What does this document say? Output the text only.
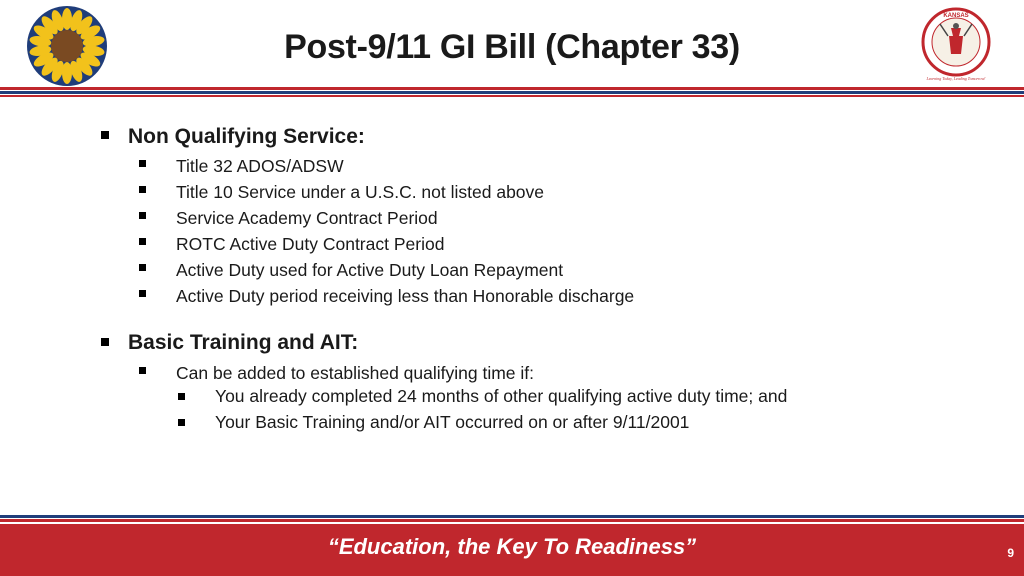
Post-9/11 GI Bill (Chapter 33)
KANSAS
Learning Today, Leading Tomorrow!
Non Qualifying Service:
Title 32 ADOS/ADSW
Title 10 Service under a U.S.C. not listed above
Service Academy Contract Period
ROTC Active Duty Contract Period
Active Duty used for Active Duty Loan Repayment
Active Duty period receiving less than Honorable discharge
Basic Training and AIT:
Can be added to established qualifying time if:
You already completed 24 months of other qualifying active duty time; and
Your Basic Training and/or AIT occurred on or after 9/11/2001
“Education, the Key To Readiness”	9
